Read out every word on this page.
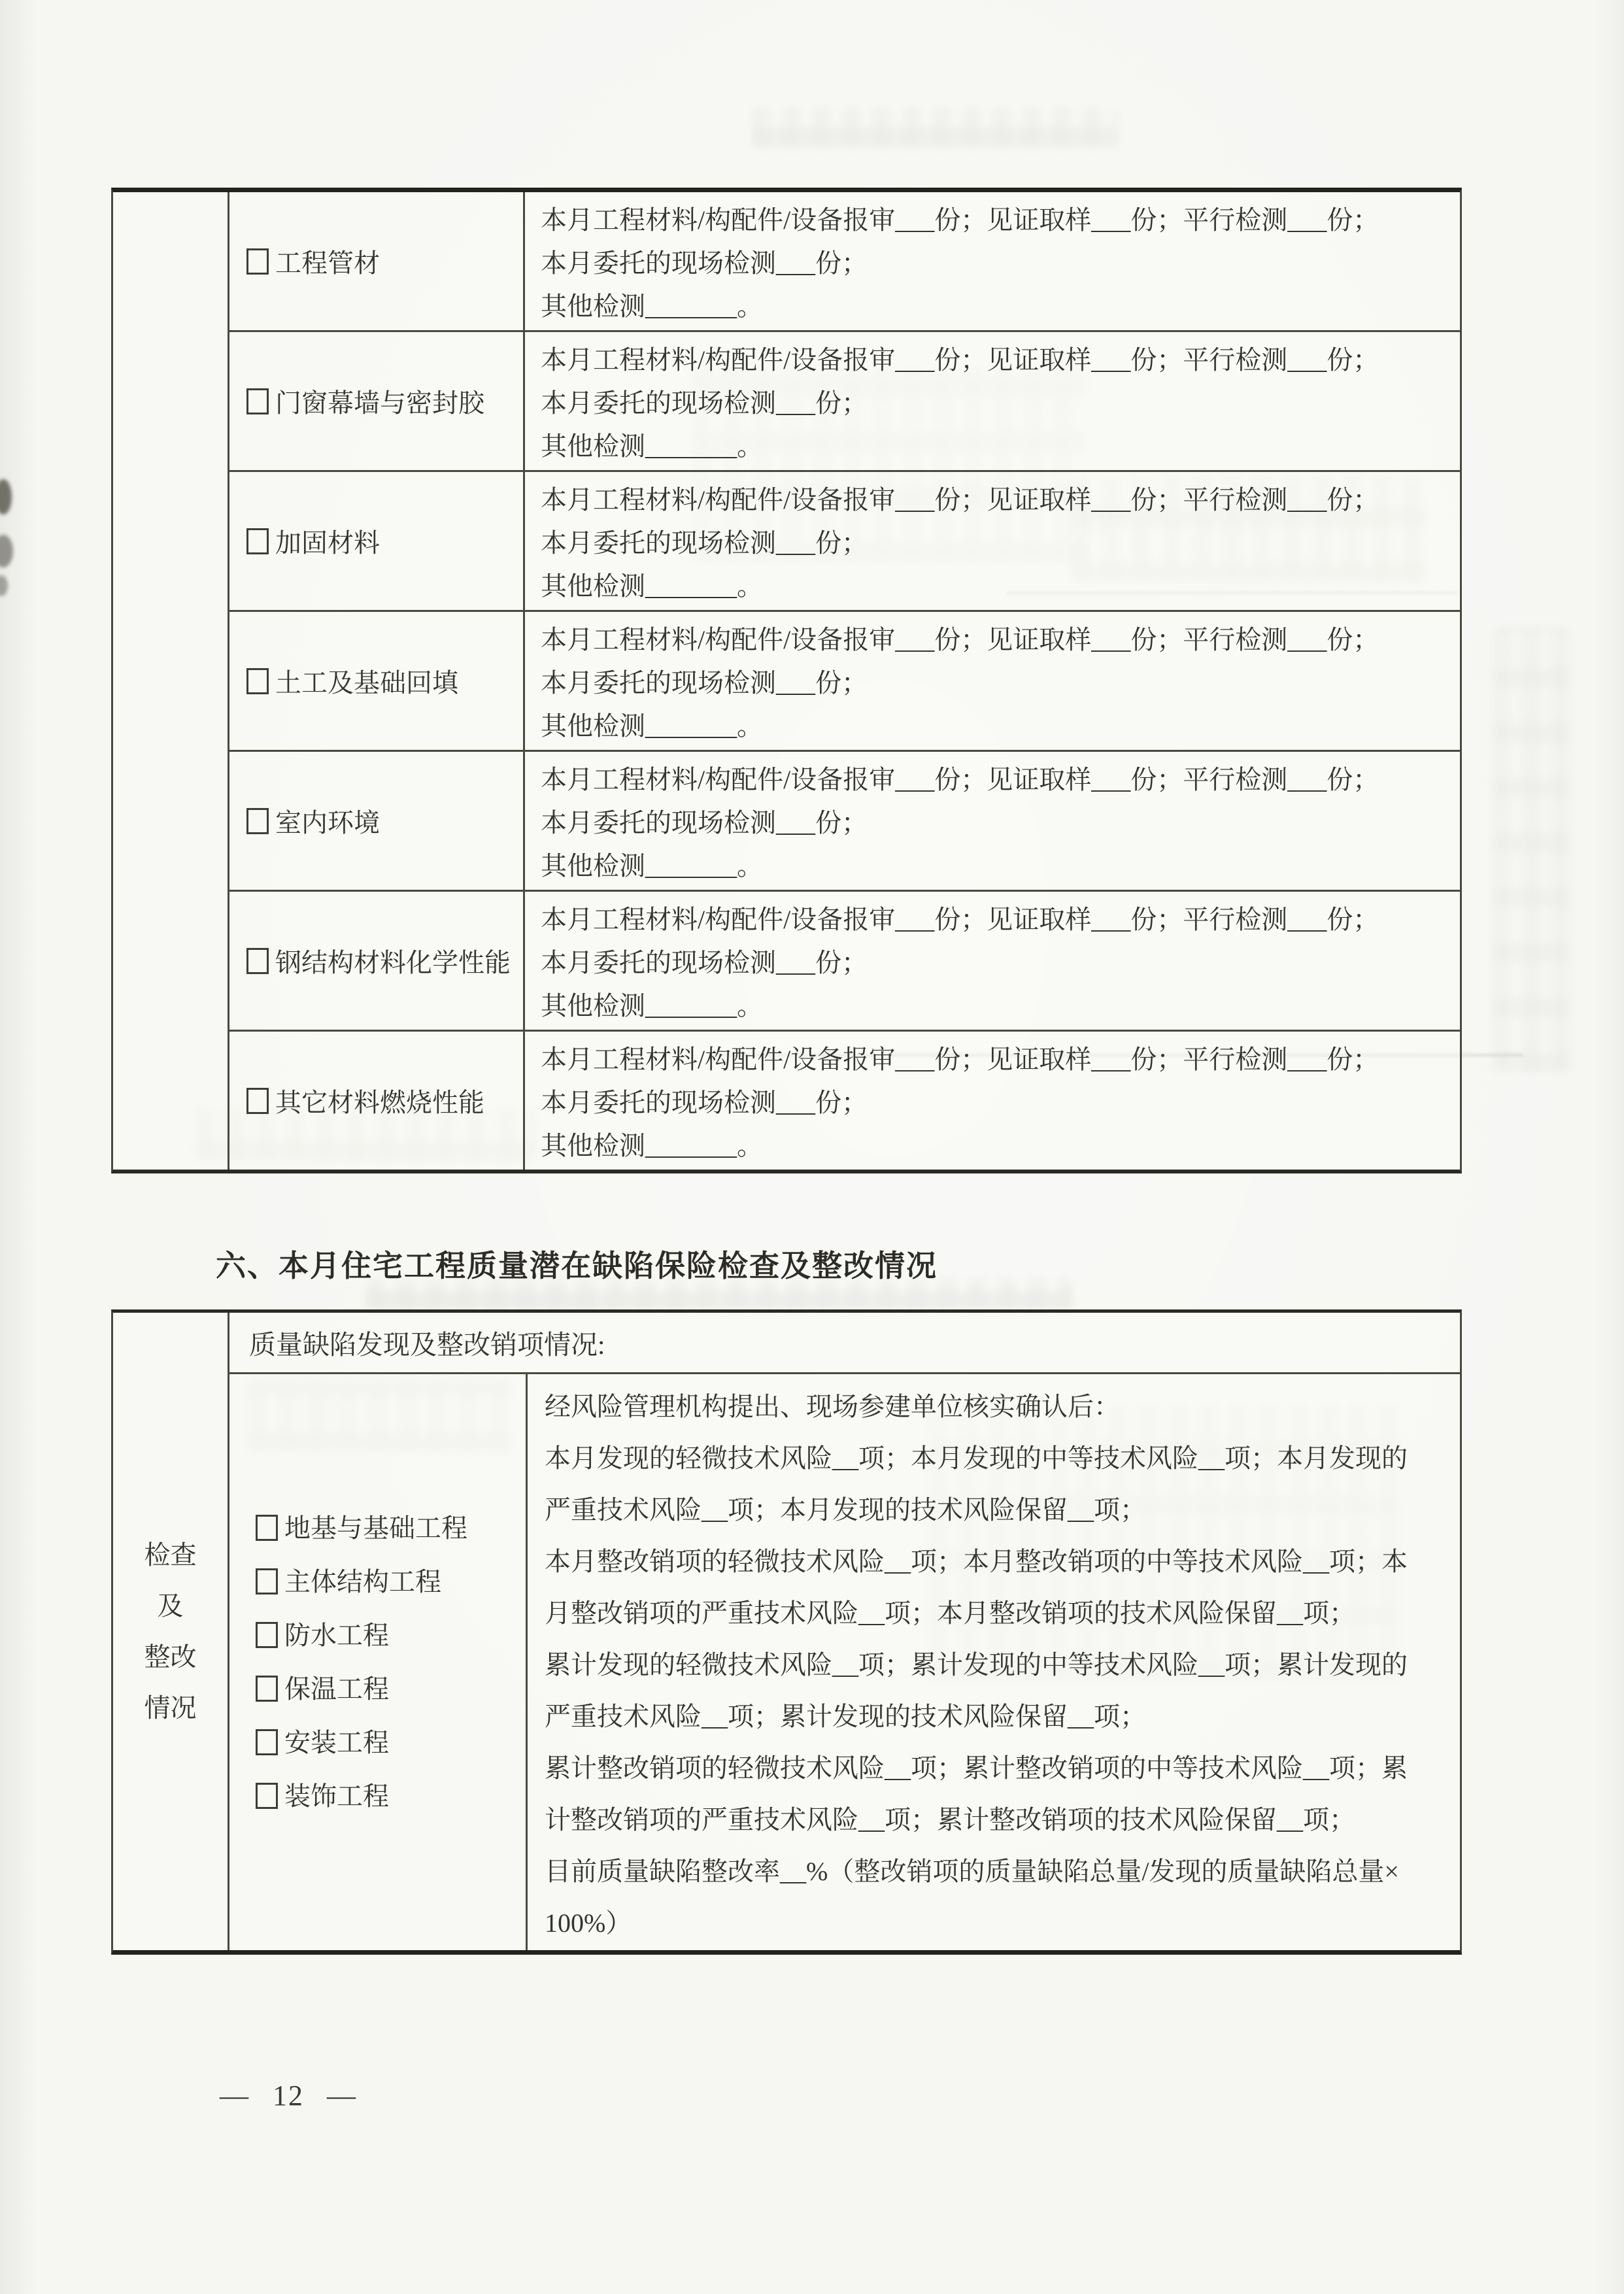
工程管材
本月工程材料/构配件/设备报审___份；见证取样___份；平行检测___份；
本月委托的现场检测___份；
其他检测_______。
门窗幕墙与密封胶
本月工程材料/构配件/设备报审___份；见证取样___份；平行检测___份；
本月委托的现场检测___份；
其他检测_______。
加固材料
本月工程材料/构配件/设备报审___份；见证取样___份；平行检测___份；
本月委托的现场检测___份；
其他检测_______。
土工及基础回填
本月工程材料/构配件/设备报审___份；见证取样___份；平行检测___份；
本月委托的现场检测___份；
其他检测_______。
室内环境
本月工程材料/构配件/设备报审___份；见证取样___份；平行检测___份；
本月委托的现场检测___份；
其他检测_______。
钢结构材料化学性能
本月工程材料/构配件/设备报审___份；见证取样___份；平行检测___份；
本月委托的现场检测___份；
其他检测_______。
其它材料燃烧性能
本月工程材料/构配件/设备报审___份；见证取样___份；平行检测___份；
本月委托的现场检测___份；
其他检测_______。
六、本月住宅工程质量潜在缺陷保险检查及整改情况
检查
及
整改
情况
质量缺陷发现及整改销项情况:
地基与基础工程
主体结构工程
防水工程
保温工程
安装工程
装饰工程
经风险管理机构提出、现场参建单位核实确认后：
本月发现的轻微技术风险__项；本月发现的中等技术风险__项；本月发现的
严重技术风险__项；本月发现的技术风险保留__项；
本月整改销项的轻微技术风险__项；本月整改销项的中等技术风险__项；本
月整改销项的严重技术风险__项；本月整改销项的技术风险保留__项；
累计发现的轻微技术风险__项；累计发现的中等技术风险__项；累计发现的
严重技术风险__项；累计发现的技术风险保留__项；
累计整改销项的轻微技术风险__项；累计整改销项的中等技术风险__项；累
计整改销项的严重技术风险__项；累计整改销项的技术风险保留__项；
目前质量缺陷整改率__%（整改销项的质量缺陷总量/发现的质量缺陷总量×
100%）
— 12 —
